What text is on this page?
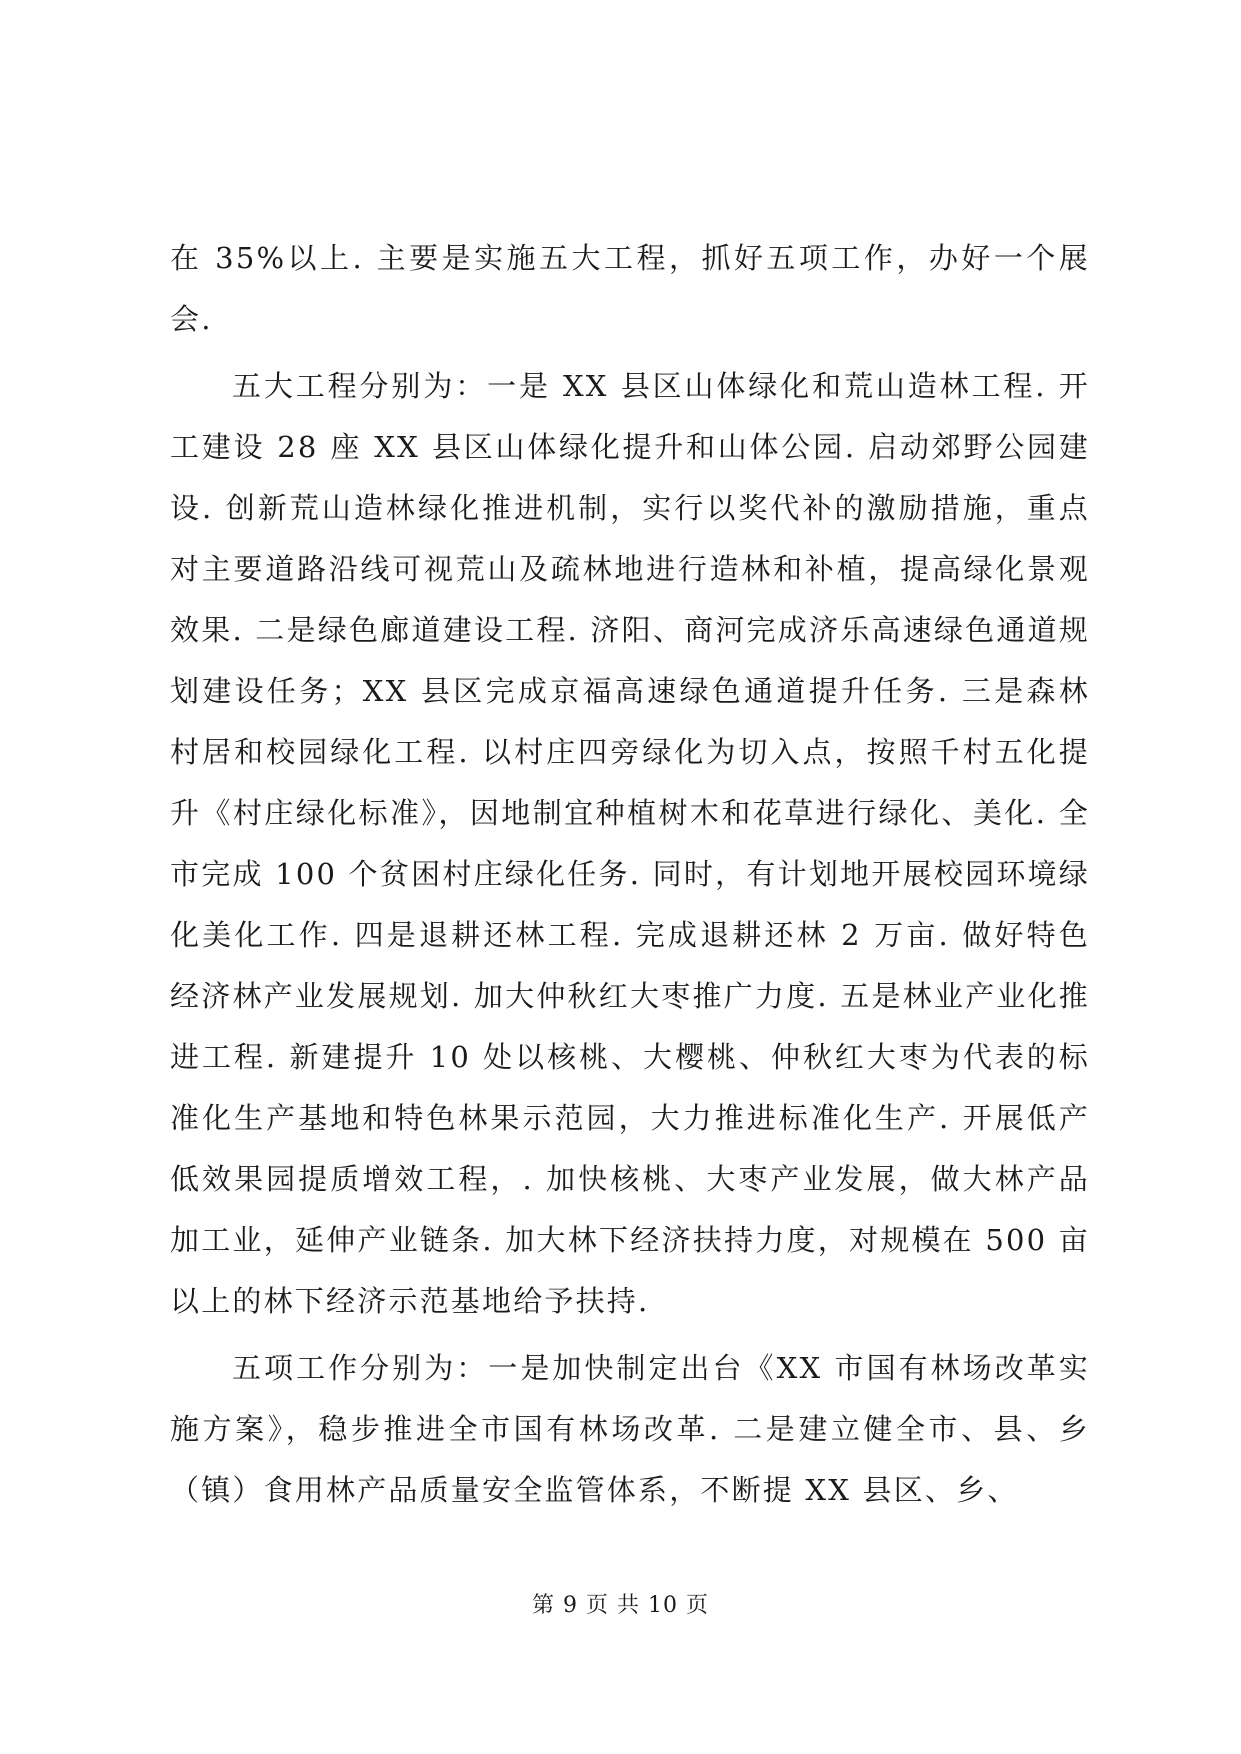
在 35%以上. 主要是实施五大工程，抓好五项工作，办好一个展会.

五大工程分别为：一是 XX 县区山体绿化和荒山造林工程. 开工建设 28 座 XX 县区山体绿化提升和山体公园. 启动郊野公园建设. 创新荒山造林绿化推进机制，实行以奖代补的激励措施，重点对主要道路沿线可视荒山及疏林地进行造林和补植，提高绿化景观效果. 二是绿色廊道建设工程. 济阳、商河完成济乐高速绿色通道规划建设任务；XX 县区完成京福高速绿色通道提升任务. 三是森林村居和校园绿化工程. 以村庄四旁绿化为切入点，按照千村五化提升《村庄绿化标准》，因地制宜种植树木和花草进行绿化、美化. 全市完成 100 个贫困村庄绿化任务. 同时，有计划地开展校园环境绿化美化工作. 四是退耕还林工程. 完成退耕还林 2 万亩. 做好特色经济林产业发展规划. 加大仲秋红大枣推广力度. 五是林业产业化推进工程. 新建提升 10 处以核桃、大樱桃、仲秋红大枣为代表的标准化生产基地和特色林果示范园，大力推进标准化生产. 开展低产低效果园提质增效工程，. 加快核桃、大枣产业发展，做大林产品加工业，延伸产业链条. 加大林下经济扶持力度，对规模在 500 亩以上的林下经济示范基地给予扶持.

五项工作分别为：一是加快制定出台《XX 市国有林场改革实施方案》，稳步推进全市国有林场改革. 二是建立健全市、县、乡（镇）食用林产品质量安全监管体系，不断提 XX 县区、乡、

第 9 页 共 10 页
